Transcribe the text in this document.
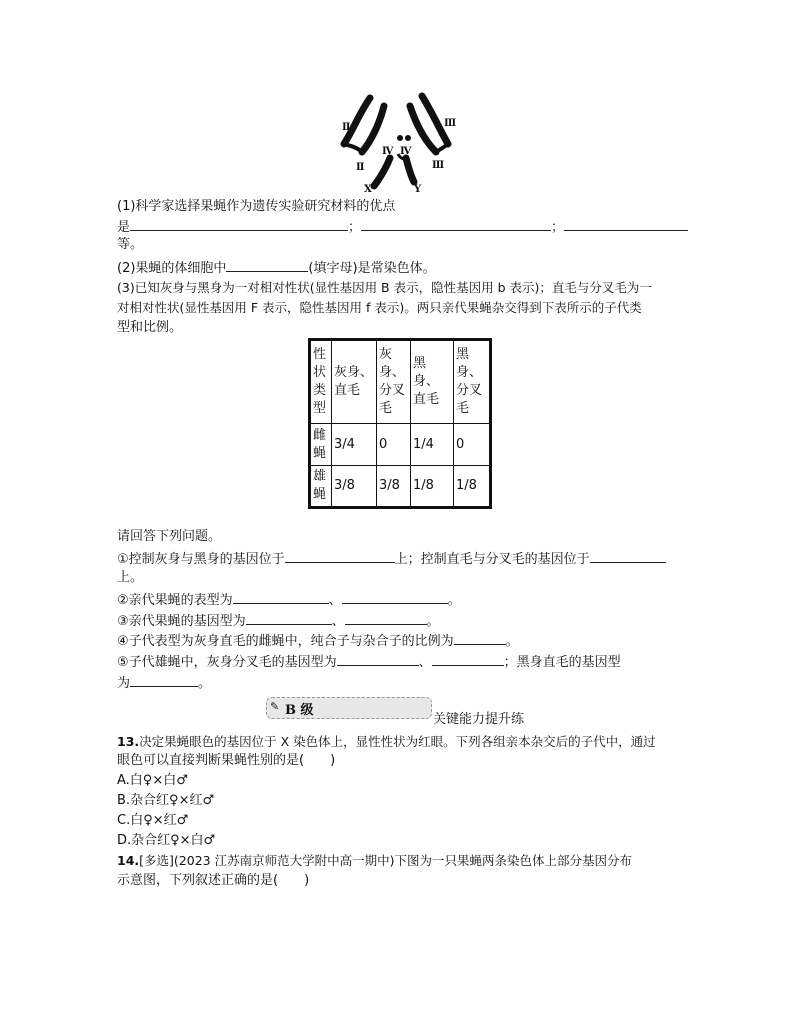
Ⅱ	Ⅲ
Ⅳ Ⅳ
Ⅱ	Ⅲ
X	Y
(1)科学家选择果蝇作为遗传实验研究材料的优点
是	；	；
等。
(2)果蝇的体细胞中	(填字母)是常染色体。
(3)已知灰身与黑身为一对相对性状(显性基因用 B 表示，隐性基因用 b 表示)；直毛与分叉毛为一
对相对性状(显性基因用 F 表示，隐性基因用 f 表示)。两只亲代果蝇杂交得到下表所示的子代类
型和比例。
性状类型	灰身、直毛	灰身、分叉毛	黑身、直毛	黑身、分叉毛
雌蝇	3/4	0	1/4	0
雄蝇	3/8	3/8	1/8	1/8
请回答下列问题。
①控制灰身与黑身的基因位于	上；控制直毛与分叉毛的基因位于
上。
②亲代果蝇的表型为	、	。
③亲代果蝇的基因型为	、	。
④子代表型为灰身直毛的雌蝇中，纯合子与杂合子的比例为	。
⑤子代雄蝇中，灰身分叉毛的基因型为	、	；黑身直毛的基因型
为	。
✎ B 级
关键能力提升练
13.决定果蝇眼色的基因位于 X 染色体上，显性性状为红眼。下列各组亲本杂交后的子代中，通过
眼色可以直接判断果蝇性别的是(　　)
A.白♀×白♂
B.杂合红♀×红♂
C.白♀×红♂
D.杂合红♀×白♂
14.[多选](2023 江苏南京师范大学附中高一期中)下图为一只果蝇两条染色体上部分基因分布
示意图，下列叙述正确的是(　　)
